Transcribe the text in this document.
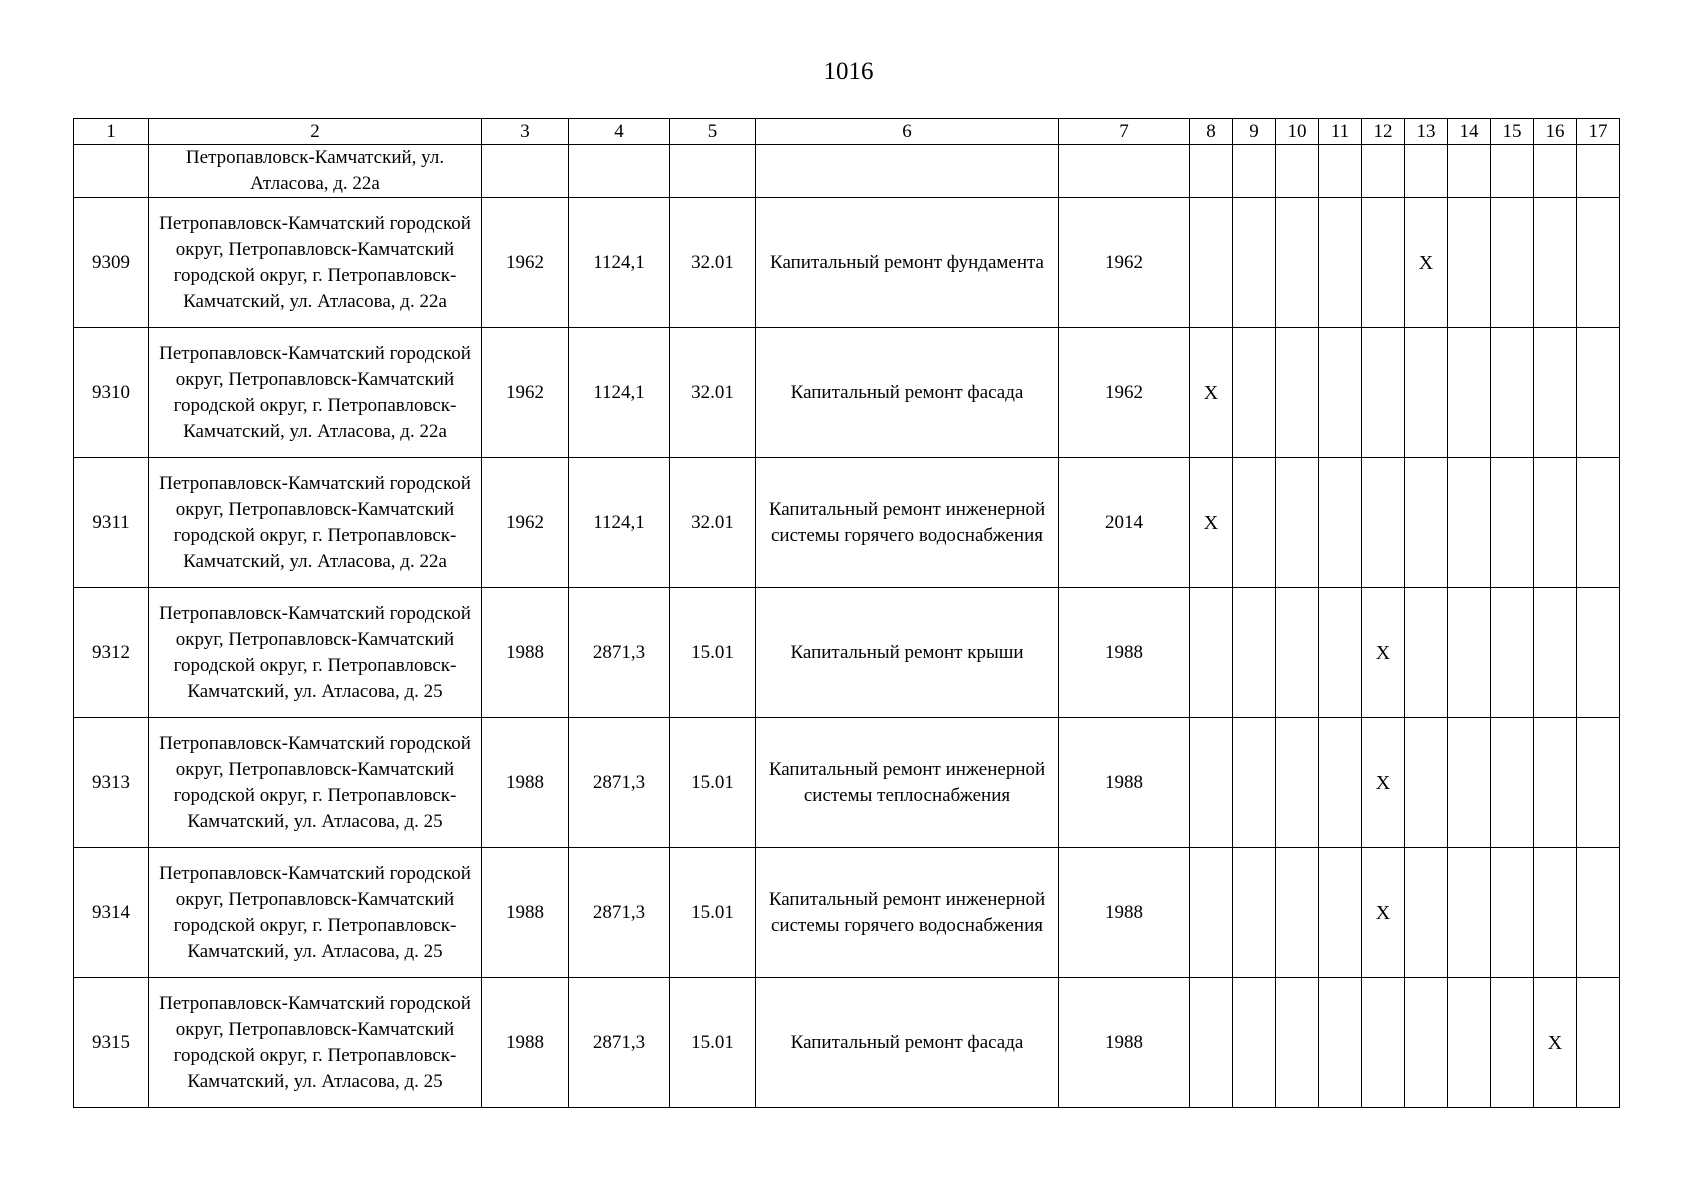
1016
1	2	3	4	5	6	7	8	9	10	11	12	13	14	15	16	17
	Петропавловск-Камчатский, ул. Атласова, д. 22а															
9309	Петропавловск-Камчатский городской округ, Петропавловск-Камчатский городской округ, г. Петропавловск-Камчатский, ул. Атласова, д. 22а	1962	1124,1	32.01	Капитальный ремонт фундамента	1962						X				
9310	Петропавловск-Камчатский городской округ, Петропавловск-Камчатский городской округ, г. Петропавловск-Камчатский, ул. Атласова, д. 22а	1962	1124,1	32.01	Капитальный ремонт фасада	1962	X									
9311	Петропавловск-Камчатский городской округ, Петропавловск-Камчатский городской округ, г. Петропавловск-Камчатский, ул. Атласова, д. 22а	1962	1124,1	32.01	Капитальный ремонт инженерной системы горячего водоснабжения	2014	X									
9312	Петропавловск-Камчатский городской округ, Петропавловск-Камчатский городской округ, г. Петропавловск-Камчатский, ул. Атласова, д. 25	1988	2871,3	15.01	Капитальный ремонт крыши	1988					X					
9313	Петропавловск-Камчатский городской округ, Петропавловск-Камчатский городской округ, г. Петропавловск-Камчатский, ул. Атласова, д. 25	1988	2871,3	15.01	Капитальный ремонт инженерной системы теплоснабжения	1988					X					
9314	Петропавловск-Камчатский городской округ, Петропавловск-Камчатский городской округ, г. Петропавловск-Камчатский, ул. Атласова, д. 25	1988	2871,3	15.01	Капитальный ремонт инженерной системы горячего водоснабжения	1988					X					
9315	Петропавловск-Камчатский городской округ, Петропавловск-Камчатский городской округ, г. Петропавловск-Камчатский, ул. Атласова, д. 25	1988	2871,3	15.01	Капитальный ремонт фасада	1988									X	
